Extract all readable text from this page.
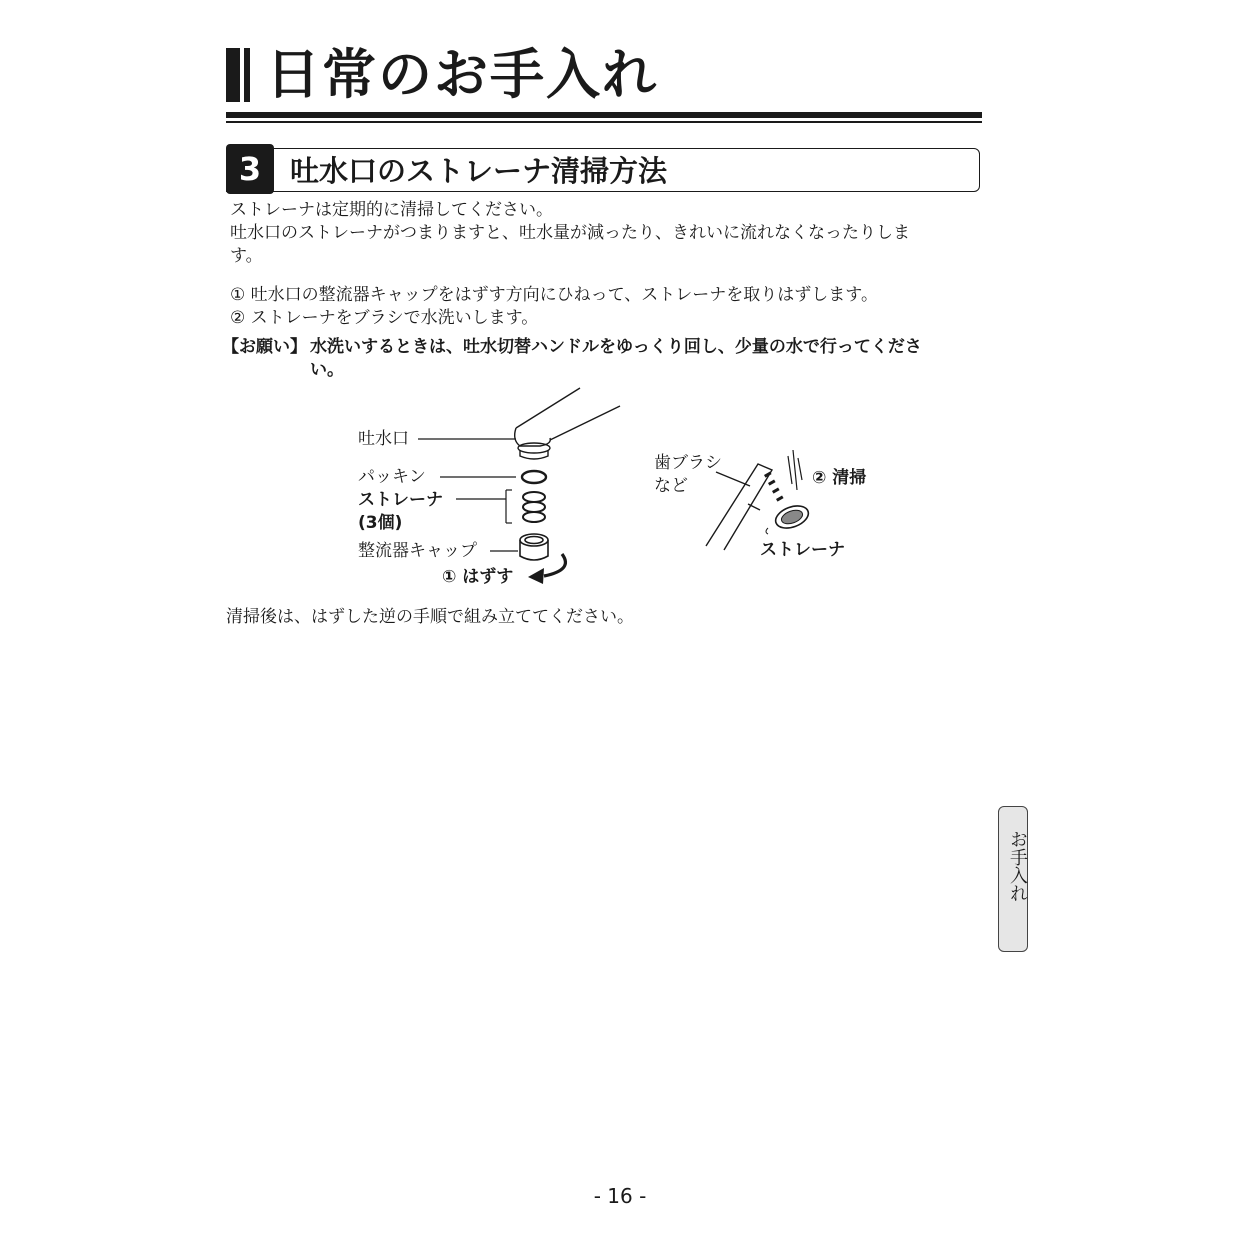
日常のお手入れ
3 吐水口のストレーナ清掃方法
ストレーナは定期的に清掃してください。
吐水口のストレーナがつまりますと、吐水量が減ったり、きれいに流れなくなったりしま
す。
① 吐水口の整流器キャップをはずす方向にひねって、ストレーナを取りはずします。
② ストレーナをブラシで水洗いします。
【お願い】 水洗いするときは、吐水切替ハンドルをゆっくり回し、少量の水で行ってくださ
い。
吐水口
パッキン
ストレーナ
(3個)
整流器キャップ
① はずす
歯ブラシ
など	② 清掃
ストレーナ
清掃後は、はずした逆の手順で組み立ててください。
お手入れ
- 16 -
